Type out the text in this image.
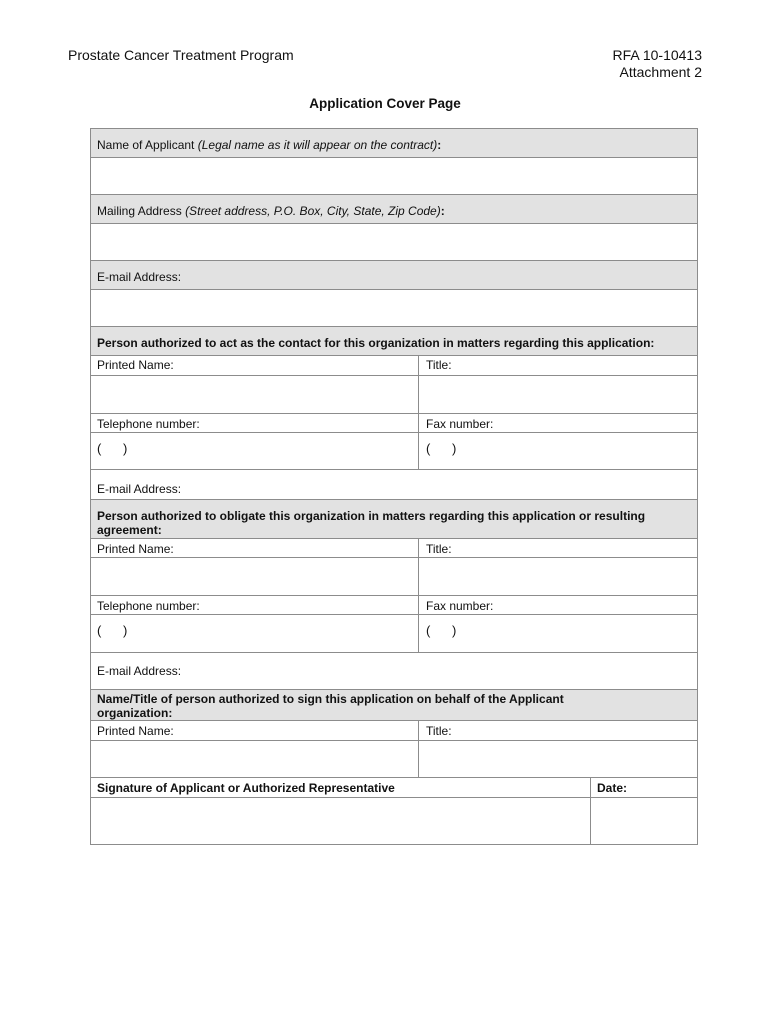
Prostate Cancer Treatment Program	RFA 10-10413
Attachment 2
Application Cover Page
Name of Applicant (Legal name as it will appear on the contract):
Mailing Address (Street address, P.O. Box, City, State, Zip Code):
E-mail Address:
Person authorized to act as the contact for this organization in matters regarding this application:
Printed Name:	Title:
Telephone number:	Fax number:
(      )	(      )
E-mail Address:
Person authorized to obligate this organization in matters regarding this application or resulting agreement:
Printed Name:	Title:
Telephone number:	Fax number:
(      )	(      )
E-mail Address:
Name/Title of person authorized to sign this application on behalf of the Applicant organization:
Printed Name:	Title:
Signature of Applicant or Authorized Representative	Date:
